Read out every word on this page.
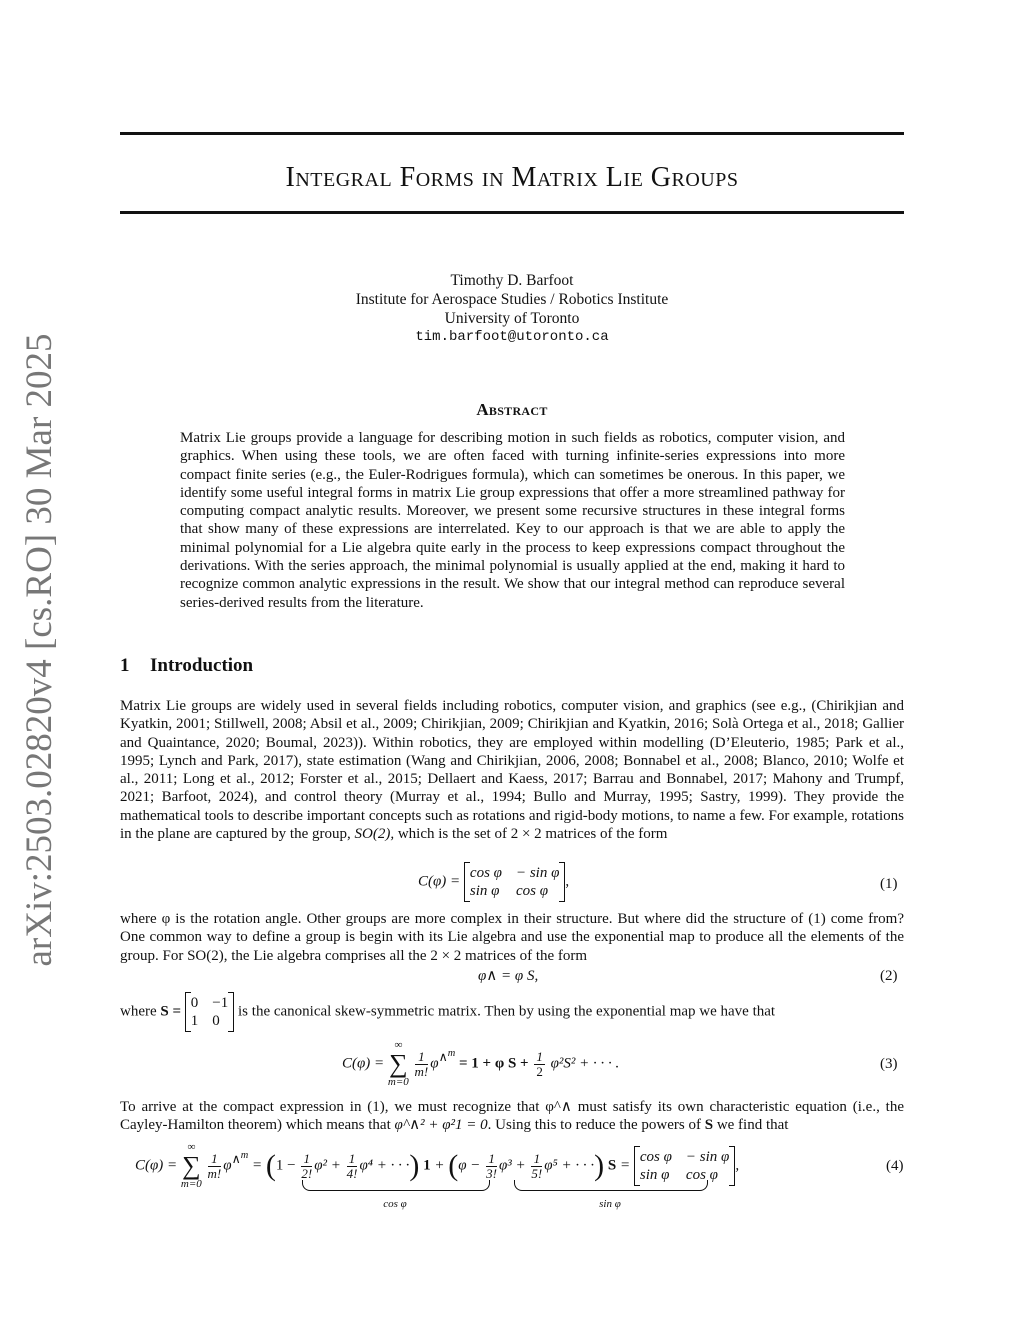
arXiv:2503.02820v4 [cs.RO] 30 Mar 2025
Integral Forms in Matrix Lie Groups
Timothy D. Barfoot
Institute for Aerospace Studies / Robotics Institute
University of Toronto
tim.barfoot@utoronto.ca
Abstract
Matrix Lie groups provide a language for describing motion in such fields as robotics, computer vision, and graphics. When using these tools, we are often faced with turning infinite-series expressions into more compact finite series (e.g., the Euler-Rodrigues formula), which can sometimes be onerous. In this paper, we identify some useful integral forms in matrix Lie group expressions that offer a more streamlined pathway for computing compact analytic results. Moreover, we present some recursive structures in these integral forms that show many of these expressions are interrelated. Key to our approach is that we are able to apply the minimal polynomial for a Lie algebra quite early in the process to keep expressions compact throughout the derivations. With the series approach, the minimal polynomial is usually applied at the end, making it hard to recognize common analytic expressions in the result. We show that our integral method can reproduce several series-derived results from the literature.
1 Introduction
Matrix Lie groups are widely used in several fields including robotics, computer vision, and graphics (see e.g., (Chirikjian and Kyatkin, 2001; Stillwell, 2008; Absil et al., 2009; Chirikjian, 2009; Chirikjian and Kyatkin, 2016; Solà Ortega et al., 2018; Gallier and Quaintance, 2020; Boumal, 2023)). Within robotics, they are employed within modelling (D’Eleuterio, 1985; Park et al., 1995; Lynch and Park, 2017), state estimation (Wang and Chirikjian, 2006, 2008; Bonnabel et al., 2008; Blanco, 2010; Wolfe et al., 2011; Long et al., 2012; Forster et al., 2015; Dellaert and Kaess, 2017; Barrau and Bonnabel, 2017; Mahony and Trumpf, 2021; Barfoot, 2024), and control theory (Murray et al., 1994; Bullo and Murray, 1995; Sastry, 1999). They provide the mathematical tools to describe important concepts such as rotations and rigid-body motions, to name a few. For example, rotations in the plane are captured by the group, SO(2), which is the set of 2 × 2 matrices of the form
C(φ) =
cos φ − sin φ
sin φ cos φ
,	(1)
where φ is the rotation angle. Other groups are more complex in their structure. But where did the structure of (1) come from? One common way to define a group is begin with its Lie algebra and use the exponential map to produce all the elements of the group. For SO(2), the Lie algebra comprises all the 2 × 2 matrices of the form
φ∧ = φ S,	(2)
where S =
0 −1
1 0
is the canonical skew-symmetric matrix. Then by using the exponential map we have that
C(φ) =
∞
∑
m=0

$\frac{1}{m!} \varphi^{\wedge^m} = 1 + \varphi$ $S + \frac{1}{2} \varphi^2S^2$ + · · · .	(3)
To arrive at the compact expression in (1), we must recognize that φ^∧ must satisfy its own characteristic equation (i.e., the Cayley-Hamilton theorem) which means that φ^∧² + φ²1 = 0. Using this to reduce the powers of S we find that
C(φ) =
∞
∑
m=0

$\frac{1}{m!} \varphi^{\wedge^m} = (1 - \frac{1}{2!} \varphi^2 + \frac{1}{4!} \varphi^4$ + · · ·) $1 + (\varphi - \frac{1}{3!} \varphi^3 + \frac{1}{5!} \varphi^5$ + · · ·) S =
cos φ − sin φ
sin φ cos φ
,
cos φ	sin φ
(4)
